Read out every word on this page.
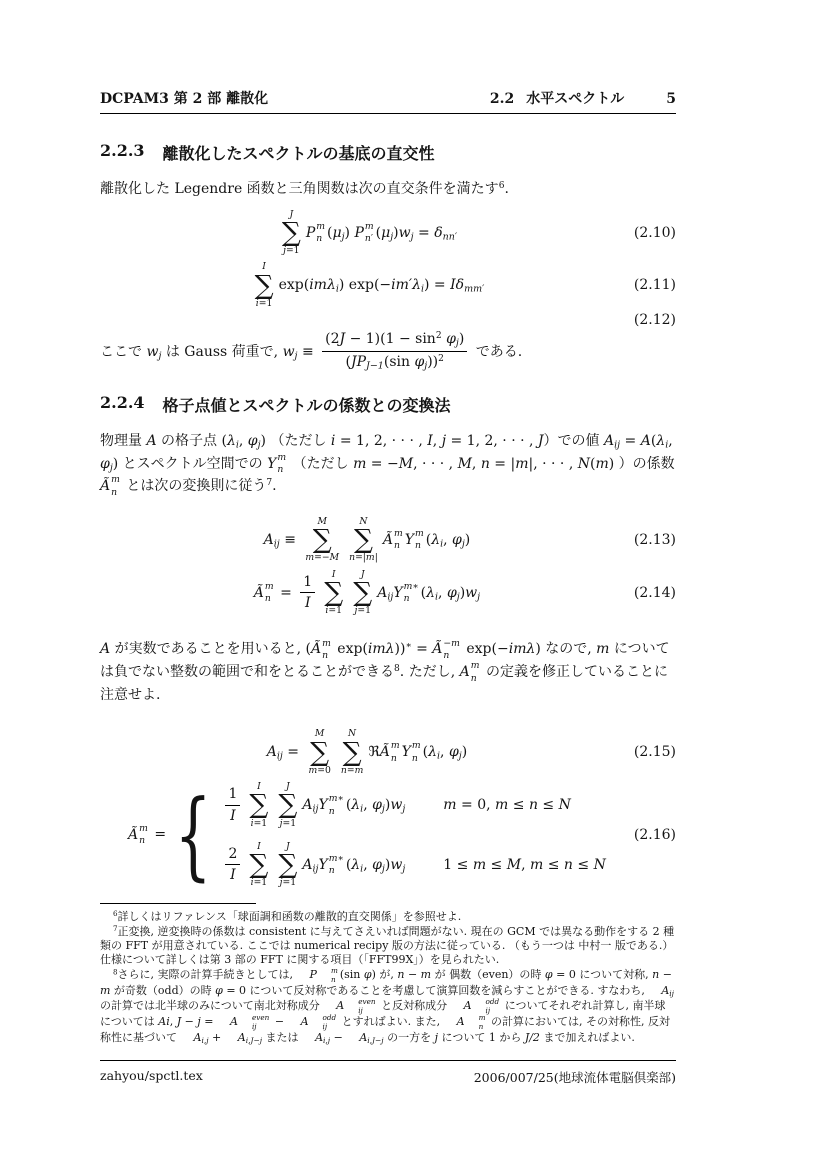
DCPAM3 第 2 部 離散化	2.2 水平スペクトル	5
2.2.3 離散化したスペクトルの基底の直交性

離散化した Legendre 函数と三角関数は次の直交条件を満たす$^6$.

J
∑
j=1
P m
n (μj) P m
n′ (μj)wj = δnn′	(2.10)
I
∑
i=1
exp(imλi) exp(−im′λi) = Iδmm′	(2.11)
(2.12)

ここで wj は Gauss 荷重で, wj ≡ $\frac{(2J - 1)(1 - \sin^2 \varphi j)}{(JPJ-1(\sin \varphi j))^2}$ である.

2.2.4 格子点値とスペクトルの係数との変換法

物理量 A の格子点 (λi, φj) （ただし i = 1, 2, · · · , I, j = 1, 2, · · · , J）での値 Aij = A(λi, φj) とスペクトル空間での Y m
n （ただし m = −M, · · · , M, n = |m|, · · · , N(m) ）の係数 Ã m
n とは次の変換則に従う$^7$.

Aij ≡
M
∑
m=−M
N
∑
n=|m|
Ã m
n Y m
n (λi, φj)	(2.13)
Ã m
$n = \frac{1}{I}$ I
∑
i=1
J
∑
j=1
AijY m∗
n (λi, φj)wj	(2.14)

A が実数であることを用いると, (Ã m
n exp(imλ))∗ = Ã −m
n exp(−imλ) なので, m については負でない整数の範囲で和をとることができる$^8$. ただし, A m
n の定義を修正していることに注意せよ.

Aij =
M
∑
m=0
N
∑
n=m
ℜÃ m
n Y m
n (λi, φj)	(2.15)
Ã m
n = { $\frac{1}{I}$ I
∑
i=1
J
∑
j=1
AijY m∗
n (λi, φj)wj	m = 0, m ≤ n ≤ N
$\frac{2}{I}$ I
∑
i=1
J
∑
j=1
AijY m∗
n (λi, φj)wj	1 ≤ m ≤ M, m ≤ n ≤ N
(2.16)

$^6$詳しくはリファレンス「球面調和函数の離散的直交関係」を参照せよ.

$^7$正変換, 逆変換時の係数は consistent に与えてさえいれば問題がない. 現在の GCM では異なる動作をする 2 種類の FFT が用意されている. ここでは numerical recipy 版の方法に従っている. （もう一つは 中村一 版である.）仕様について詳しくは第 3 部の FFT に関する項目（「FFT99X」）を見られたい.

$^8$さらに, 実際の計算手続きとしては, P	m
n (sin φ) が, n − m が 偶数（even）の時 φ = 0 について対称, n − m が奇数（odd）の時 φ = 0 について反対称であることを考慮して演算回数を減らすことができる. すなわち, Aij の計算では北半球のみについて南北対称成分 A	even
ij と反対称成分 A	odd
ij についてそれぞれ計算し, 南半球については Ai, J − j = A	even
ij − A	odd
ij とすればよい. また, A	m
n の計算においては, その対称性, 反対称性に基づいて Ai,j + Ai,J−j または Ai,j − Ai,J−j の一方を j について 1 から J/2 まで加えればよい.

zahyou/spctl.tex	2006/007/25(地球流体電脳倶楽部)
